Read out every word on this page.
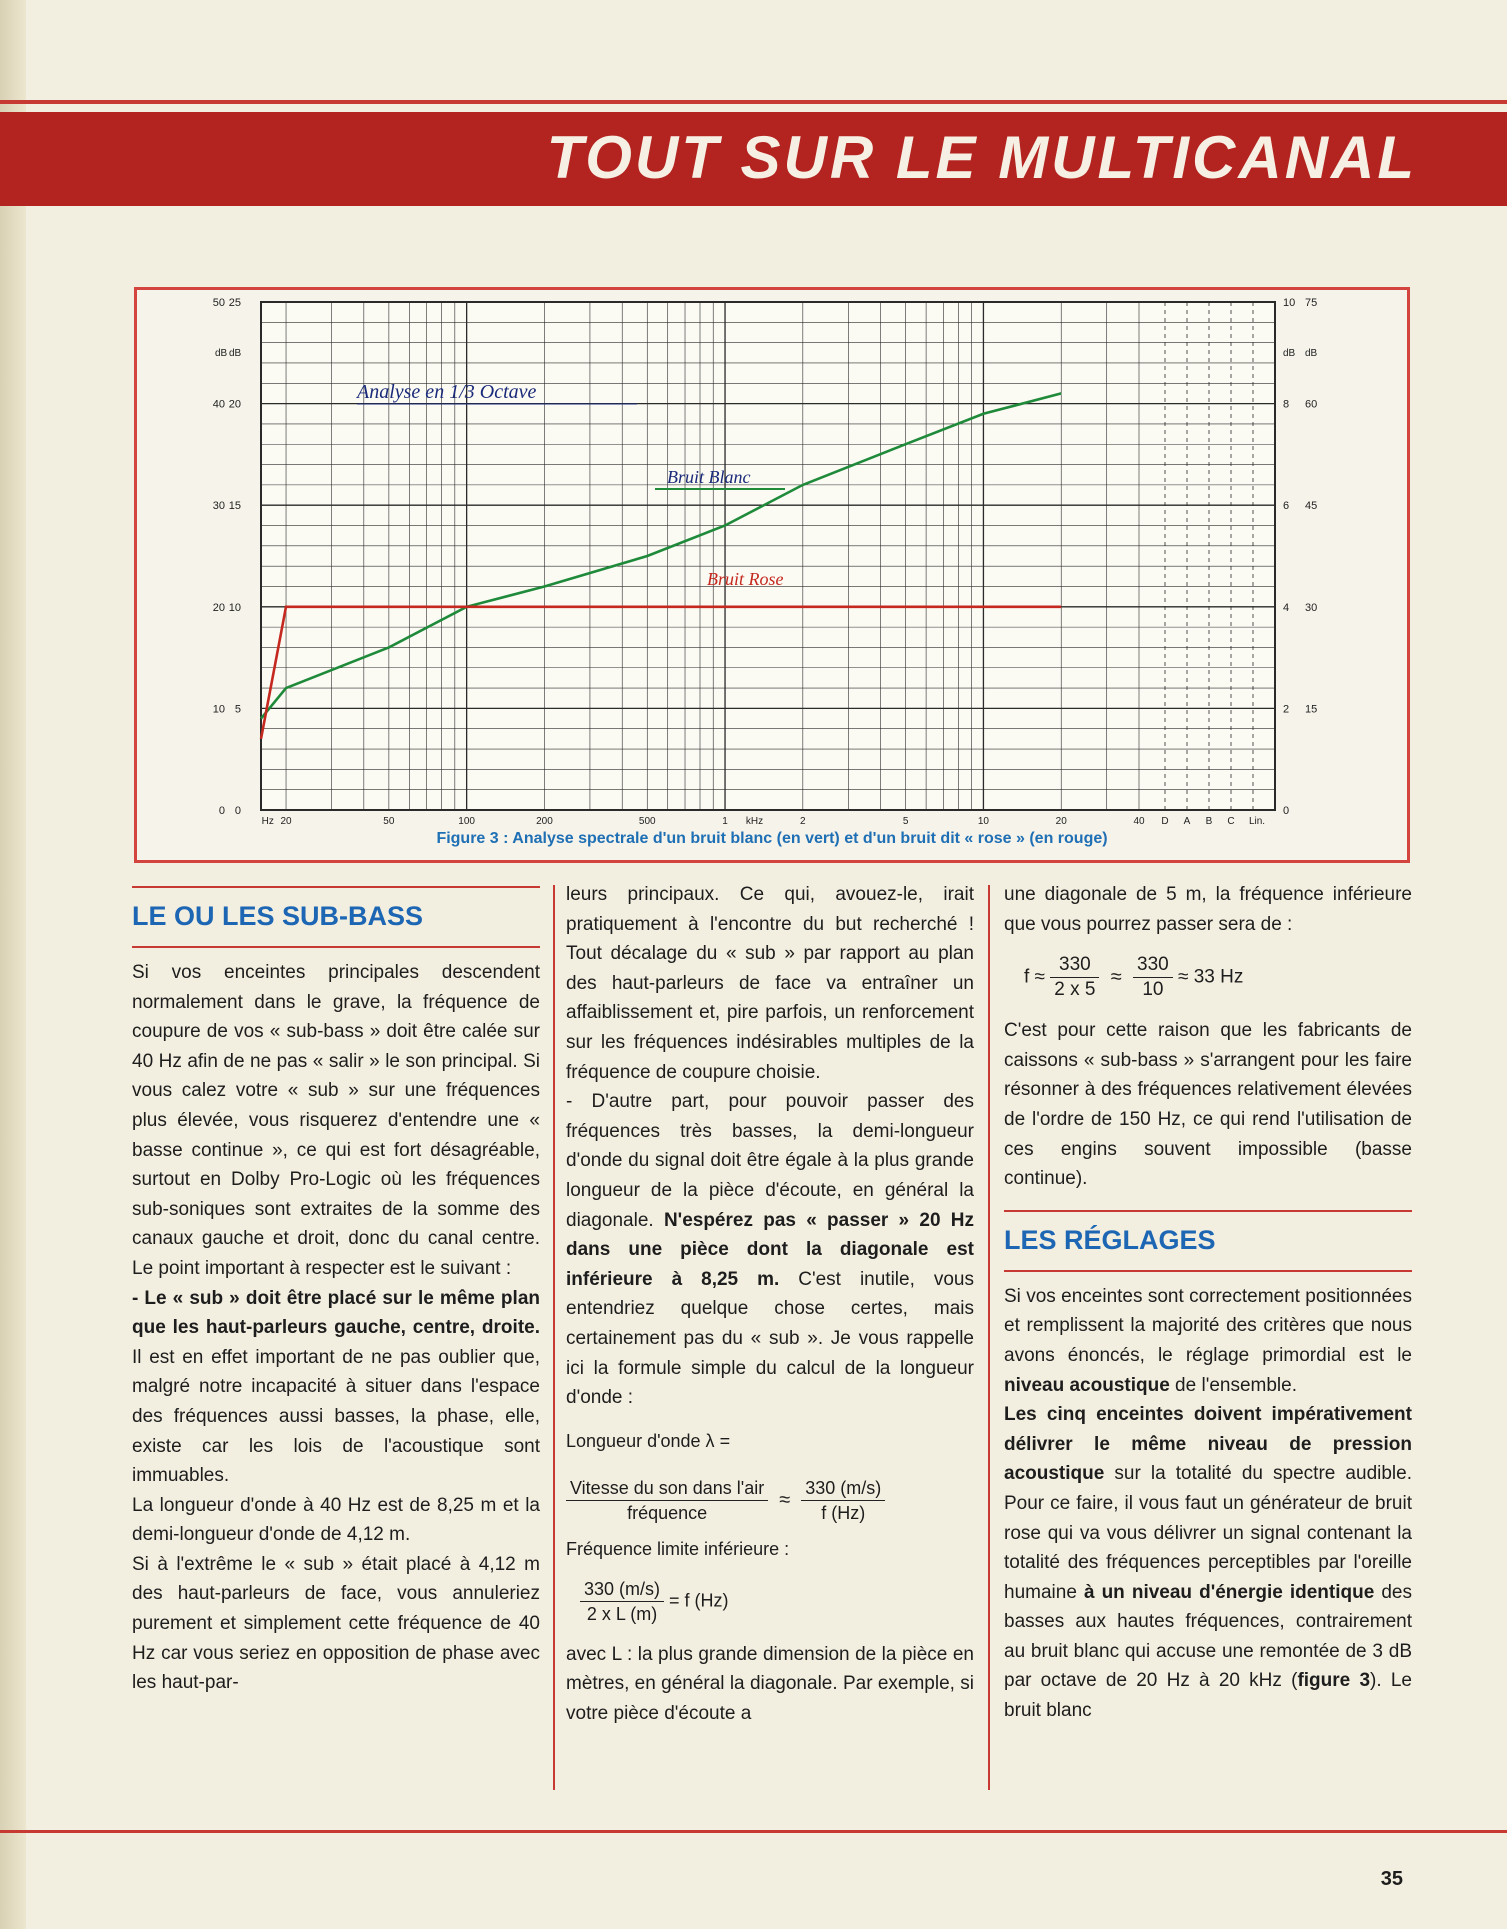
TOUT SUR LE MULTICANAL
50 25
40 20
30 15
20 10
10 5
0 0
dB dB
10 75
8 60
6 45
4 30
2 15
0
dB dB
Hz 20	50	100	200	500	1 kHz	2	5	10	20	40 D A B C Lin.
Analyse en 1/3 Octave
Bruit Blanc
Bruit Rose
Figure 3 : Analyse spectrale d'un bruit blanc (en vert) et d'un bruit dit « rose » (en rouge)
LE OU LES SUB-BASS

Si vos enceintes principales descendent normalement dans le grave, la fréquence de coupure de vos « sub-bass » doit être calée sur 40 Hz afin de ne pas « salir » le son principal. Si vous calez votre « sub » sur une fréquences plus élevée, vous risquerez d'entendre une « basse continue », ce qui est fort désagréable, surtout en Dolby Pro-Logic où les fréquences sub-soniques sont extraites de la somme des canaux gauche et droit, donc du canal centre. Le point important à respecter est le suivant :

- Le « sub » doit être placé sur le même plan que les haut-parleurs gauche, centre, droite. Il est en effet important de ne pas oublier que, malgré notre incapacité à situer dans l'espace des fréquences aussi basses, la phase, elle, existe car les lois de l'acoustique sont immuables.

La longueur d'onde à 40 Hz est de 8,25 m et la demi-longueur d'onde de 4,12 m.

Si à l'extrême le « sub » était placé à 4,12 m des haut-parleurs de face, vous annuleriez purement et simplement cette fréquence de 40 Hz car vous seriez en opposition de phase avec les haut-par-

leurs principaux. Ce qui, avouez-le, irait pratiquement à l'encontre du but recherché ! Tout décalage du « sub » par rapport au plan des haut-parleurs de face va entraîner un affaiblissement et, pire parfois, un renforcement sur les fréquences indésirables multiples de la fréquence de coupure choisie.

- D'autre part, pour pouvoir passer des fréquences très basses, la demi-longueur d'onde du signal doit être égale à la plus grande longueur de la pièce d'écoute, en général la diagonale. N'espérez pas « passer » 20 Hz dans une pièce dont la diagonale est inférieure à 8,25 m. C'est inutile, vous entendriez quelque chose certes, mais certainement pas du « sub ». Je vous rappelle ici la formule simple du calcul de la longueur d'onde :

Longueur d'onde λ =
$\frac{\text{Vitesse du son dans l'air}}{\text{fréquence}} \approx \frac{330 (m/s)}{f (Hz)}$
Fréquence limite inférieure :
$\frac{330 (m/s)}{\text{2 x L (m)}} = f$ (Hz)

avec L : la plus grande dimension de la pièce en mètres, en général la diagonale. Par exemple, si votre pièce d'écoute a

une diagonale de 5 m, la fréquence inférieure que vous pourrez passer sera de :

$f \approx \frac{330}{2 x 5} \approx \frac{330}{10} \approx 33$ Hz

C'est pour cette raison que les fabricants de caissons « sub-bass » s'arrangent pour les faire résonner à des fréquences relativement élevées de l'ordre de 150 Hz, ce qui rend l'utilisation de ces engins souvent impossible (basse continue).

LES RÉGLAGES

Si vos enceintes sont correctement positionnées et remplissent la majorité des critères que nous avons énoncés, le réglage primordial est le niveau acoustique de l'ensemble.

Les cinq enceintes doivent impérativement délivrer le même niveau de pression acoustique sur la totalité du spectre audible. Pour ce faire, il vous faut un générateur de bruit rose qui va vous délivrer un signal contenant la totalité des fréquences perceptibles par l'oreille humaine à un niveau d'énergie identique des basses aux hautes fréquences, contrairement au bruit blanc qui accuse une remontée de 3 dB par octave de 20 Hz à 20 kHz (figure 3). Le bruit blanc

35
